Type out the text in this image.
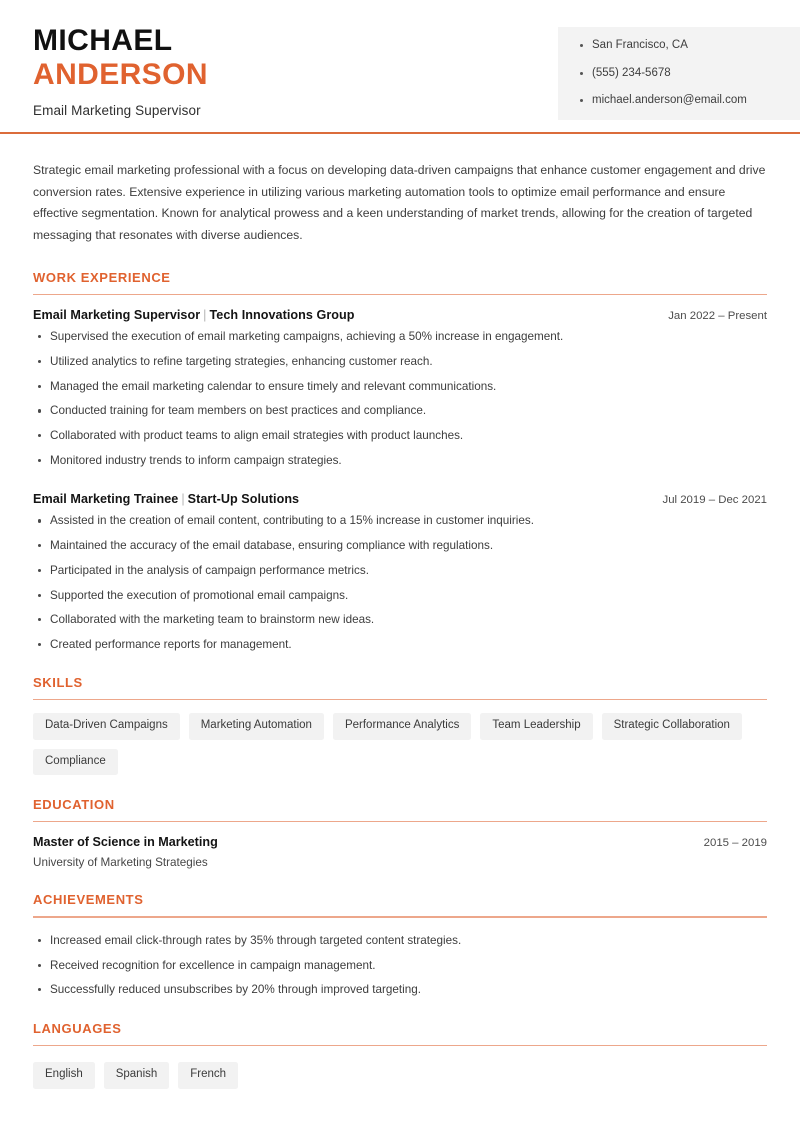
MICHAEL
ANDERSON
Email Marketing Supervisor
San Francisco, CA
(555) 234-5678
michael.anderson@email.com
Strategic email marketing professional with a focus on developing data-driven campaigns that enhance customer engagement and drive conversion rates. Extensive experience in utilizing various marketing automation tools to optimize email performance and ensure effective segmentation. Known for analytical prowess and a keen understanding of market trends, allowing for the creation of targeted messaging that resonates with diverse audiences.
WORK EXPERIENCE
Email Marketing Supervisor | Tech Innovations Group	Jan 2022 – Present
Supervised the execution of email marketing campaigns, achieving a 50% increase in engagement.
Utilized analytics to refine targeting strategies, enhancing customer reach.
Managed the email marketing calendar to ensure timely and relevant communications.
Conducted training for team members on best practices and compliance.
Collaborated with product teams to align email strategies with product launches.
Monitored industry trends to inform campaign strategies.
Email Marketing Trainee | Start-Up Solutions	Jul 2019 – Dec 2021
Assisted in the creation of email content, contributing to a 15% increase in customer inquiries.
Maintained the accuracy of the email database, ensuring compliance with regulations.
Participated in the analysis of campaign performance metrics.
Supported the execution of promotional email campaigns.
Collaborated with the marketing team to brainstorm new ideas.
Created performance reports for management.
SKILLS
Data-Driven Campaigns	Marketing Automation	Performance Analytics	Team Leadership	Strategic Collaboration
Compliance
EDUCATION
Master of Science in Marketing	2015 – 2019
University of Marketing Strategies
ACHIEVEMENTS
Increased email click-through rates by 35% through targeted content strategies.
Received recognition for excellence in campaign management.
Successfully reduced unsubscribes by 20% through improved targeting.
LANGUAGES
English	Spanish	French
